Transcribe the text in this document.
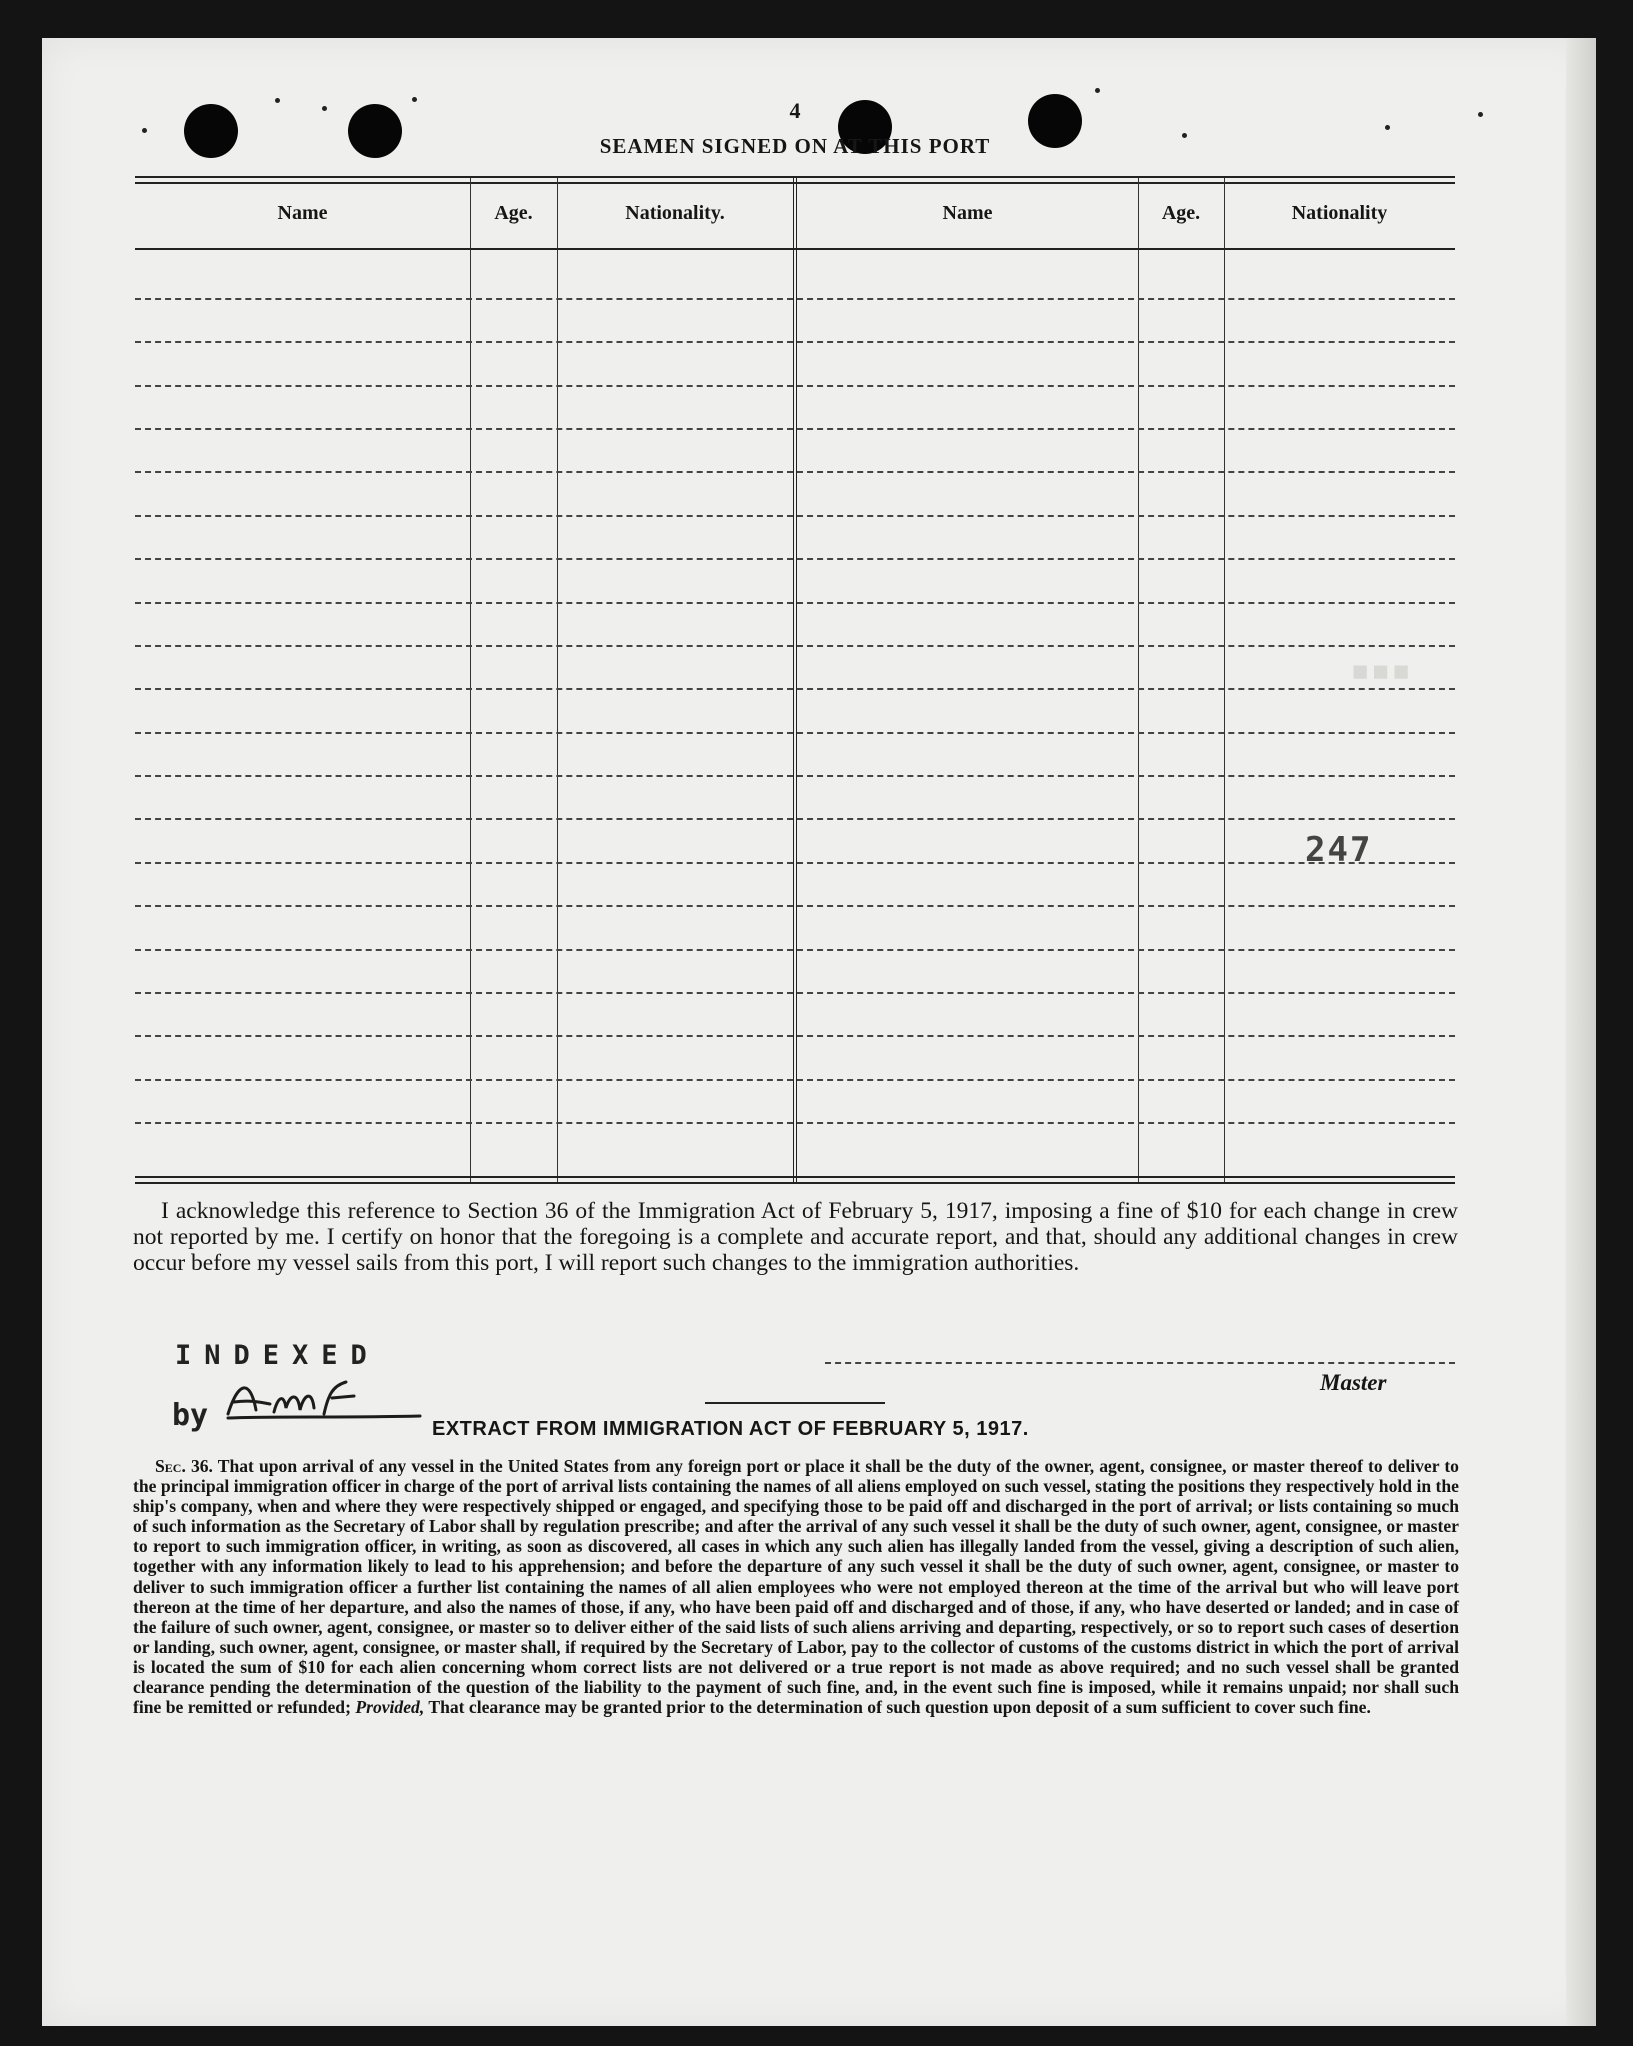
4
SEAMEN SIGNED ON AT THIS PORT
Name	Age.	Nationality.	Name	Age.	Nationality
▪▪▪
247

I acknowledge this reference to Section 36 of the Immigration Act of February 5, 1917, imposing a fine of $10 for each change in crew not reported by me. I certify on honor that the foregoing is a complete and accurate report, and that, should any additional changes in crew occur before my vessel sails from this port, I will report such changes to the immigration authorities.

INDEXED
by
Master
EXTRACT FROM IMMIGRATION ACT OF FEBRUARY 5, 1917.

Sec. 36. That upon arrival of any vessel in the United States from any foreign port or place it shall be the duty of the owner, agent, consignee, or master thereof to deliver to the principal immigration officer in charge of the port of arrival lists containing the names of all aliens employed on such vessel, stating the positions they respectively hold in the ship's company, when and where they were respectively shipped or engaged, and specifying those to be paid off and discharged in the port of arrival; or lists containing so much of such information as the Secretary of Labor shall by regulation prescribe; and after the arrival of any such vessel it shall be the duty of such owner, agent, consignee, or master to report to such immigration officer, in writing, as soon as discovered, all cases in which any such alien has illegally landed from the vessel, giving a description of such alien, together with any information likely to lead to his apprehension; and before the departure of any such vessel it shall be the duty of such owner, agent, consignee, or master to deliver to such immigration officer a further list containing the names of all alien employees who were not employed thereon at the time of the arrival but who will leave port thereon at the time of her departure, and also the names of those, if any, who have been paid off and discharged and of those, if any, who have deserted or landed; and in case of the failure of such owner, agent, consignee, or master so to deliver either of the said lists of such aliens arriving and departing, respectively, or so to report such cases of desertion or landing, such owner, agent, consignee, or master shall, if required by the Secretary of Labor, pay to the collector of customs of the customs district in which the port of arrival is located the sum of $10 for each alien concerning whom correct lists are not delivered or a true report is not made as above required; and no such vessel shall be granted clearance pending the determination of the question of the liability to the payment of such fine, and, in the event such fine is imposed, while it remains unpaid; nor shall such fine be remitted or refunded; Provided, That clearance may be granted prior to the determination of such question upon deposit of a sum sufficient to cover such fine.
